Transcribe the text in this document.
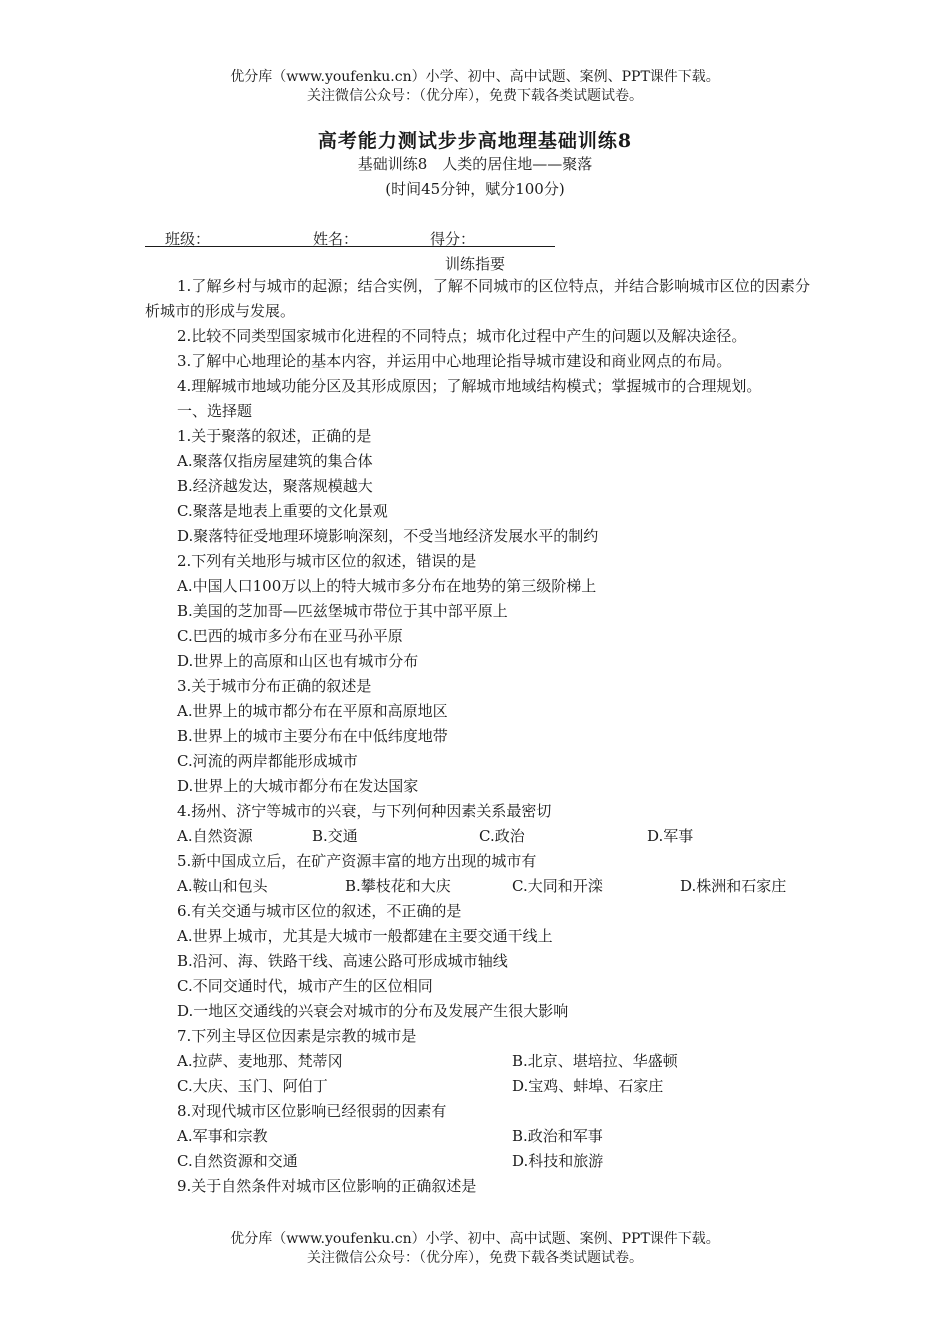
优分库（www.youfenku.cn）小学、初中、高中试题、案例、PPT课件下载。
关注微信公众号：（优分库），免费下载各类试题试卷。
高考能力测试步步高地理基础训练8
基础训练8　人类的居住地——聚落
(时间45分钟，赋分100分)
班级：	姓名：	得分：
训练指要

1.了解乡村与城市的起源；结合实例，了解不同城市的区位特点，并结合影响城市区位的因素分析城市的形成与发展。

2.比较不同类型国家城市化进程的不同特点；城市化过程中产生的问题以及解决途径。

3.了解中心地理论的基本内容，并运用中心地理论指导城市建设和商业网点的布局。

4.理解城市地域功能分区及其形成原因；了解城市地域结构模式；掌握城市的合理规划。

一、选择题

1.关于聚落的叙述，正确的是

A.聚落仅指房屋建筑的集合体

B.经济越发达，聚落规模越大

C.聚落是地表上重要的文化景观

D.聚落特征受地理环境影响深刻，不受当地经济发展水平的制约

2.下列有关地形与城市区位的叙述，错误的是

A.中国人口100万以上的特大城市多分布在地势的第三级阶梯上

B.美国的芝加哥—匹兹堡城市带位于其中部平原上

C.巴西的城市多分布在亚马孙平原

D.世界上的高原和山区也有城市分布

3.关于城市分布正确的叙述是

A.世界上的城市都分布在平原和高原地区

B.世界上的城市主要分布在中低纬度地带

C.河流的两岸都能形成城市

D.世界上的大城市都分布在发达国家

4.扬州、济宁等城市的兴衰，与下列何种因素关系最密切

A.自然资源	B.交通	C.政治	D.军事

5.新中国成立后，在矿产资源丰富的地方出现的城市有

A.鞍山和包头	B.攀枝花和大庆	C.大同和开滦	D.株洲和石家庄

6.有关交通与城市区位的叙述，不正确的是

A.世界上城市，尤其是大城市一般都建在主要交通干线上

B.沿河、海、铁路干线、高速公路可形成城市轴线

C.不同交通时代，城市产生的区位相同

D.一地区交通线的兴衰会对城市的分布及发展产生很大影响

7.下列主导区位因素是宗教的城市是

A.拉萨、麦地那、梵蒂冈	B.北京、堪培拉、华盛顿
C.大庆、玉门、阿伯丁	D.宝鸡、蚌埠、石家庄

8.对现代城市区位影响已经很弱的因素有

A.军事和宗教	B.政治和军事
C.自然资源和交通	D.科技和旅游

9.关于自然条件对城市区位影响的正确叙述是

优分库（www.youfenku.cn）小学、初中、高中试题、案例、PPT课件下载。
关注微信公众号：（优分库），免费下载各类试题试卷。
